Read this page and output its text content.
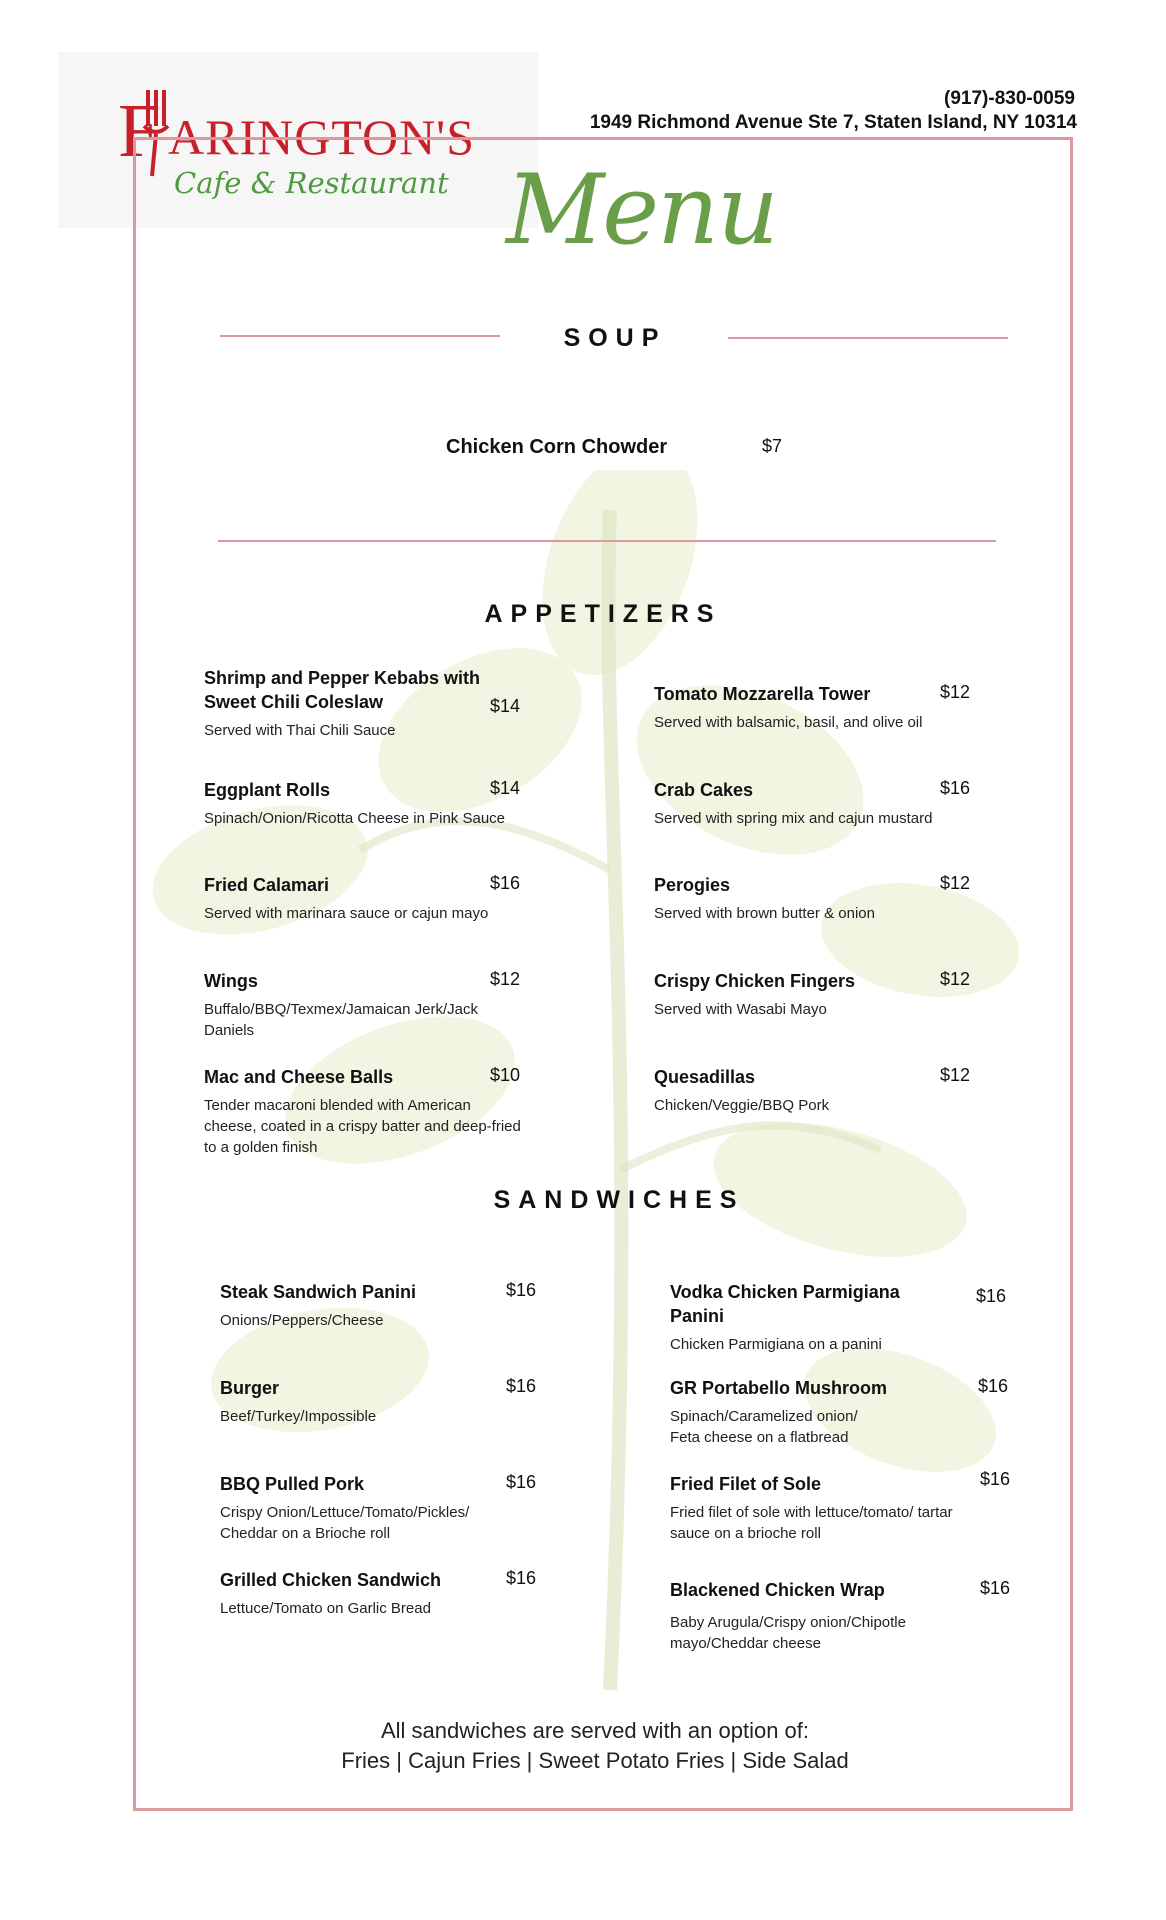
F ARINGTON'S
Cafe & Restaurant
(917)-830-0059
1949 Richmond Avenue Ste 7, Staten Island, NY 10314
Menu
SOUP
Chicken Corn Chowder	$7
APPETIZERS
Shrimp and Pepper Kebabs with Sweet Chili Coleslaw
Served with Thai Chili Sauce
$14
Eggplant Rolls
Spinach/Onion/Ricotta Cheese in Pink Sauce
$14
Fried Calamari
Served with marinara sauce or cajun mayo
$16
Wings
Buffalo/BBQ/Texmex/Jamaican Jerk/Jack Daniels
$12
Mac and Cheese Balls
Tender macaroni blended with American cheese, coated in a crispy batter and deep-fried to a golden finish
$10
Tomato Mozzarella Tower
Served with balsamic, basil, and olive oil
$12
Crab Cakes
Served with spring mix and cajun mustard
$16
Perogies
Served with brown butter & onion
$12
Crispy Chicken Fingers
Served with Wasabi Mayo
$12
Quesadillas
Chicken/Veggie/BBQ Pork
$12
SANDWICHES
Steak Sandwich Panini
Onions/Peppers/Cheese
$16
Burger
Beef/Turkey/Impossible
$16
BBQ Pulled Pork
Crispy Onion/Lettuce/Tomato/Pickles/ Cheddar on a Brioche roll
$16
Grilled Chicken Sandwich
Lettuce/Tomato on Garlic Bread
$16
Vodka Chicken Parmigiana Panini
Chicken Parmigiana on a panini
$16
GR Portabello Mushroom
Spinach/Caramelized onion/ Feta cheese on a flatbread
$16
Fried Filet of Sole
Fried filet of sole with lettuce/tomato/ tartar sauce on a brioche roll
$16
Blackened Chicken Wrap
Baby Arugula/Crispy onion/Chipotle mayo/Cheddar cheese
$16
All sandwiches are served with an option of:
Fries | Cajun Fries | Sweet Potato Fries | Side Salad
